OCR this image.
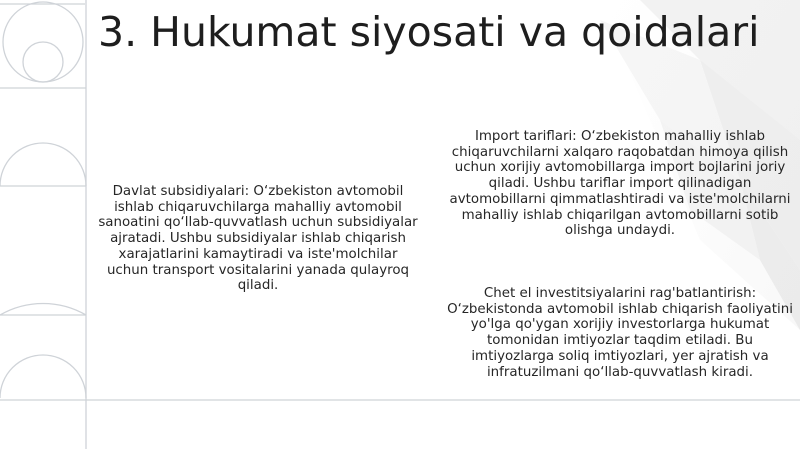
3. Hukumat siyosati va qoidalari
Davlat subsidiyalari: O‘zbekiston avtomobil ishlab chiqaruvchilarga mahalliy avtomobil sanoatini qo‘llab-quvvatlash uchun subsidiyalar ajratadi. Ushbu subsidiyalar ishlab chiqarish xarajatlarini kamaytiradi va iste'molchilar uchun transport vositalarini yanada qulayroq qiladi.
Import tariflari: O‘zbekiston mahalliy ishlab chiqaruvchilarni xalqaro raqobatdan himoya qilish uchun xorijiy avtomobillarga import bojlarini joriy qiladi. Ushbu tariflar import qilinadigan avtomobillarni qimmatlashtiradi va iste'molchilarni mahalliy ishlab chiqarilgan avtomobillarni sotib olishga undaydi.
Chet el investitsiyalarini rag'batlantirish: O‘zbekistonda avtomobil ishlab chiqarish faoliyatini yo'lga qo'ygan xorijiy investorlarga hukumat tomonidan imtiyozlar taqdim etiladi. Bu imtiyozlarga soliq imtiyozlari, yer ajratish va infratuzilmani qo‘llab-quvvatlash kiradi.
